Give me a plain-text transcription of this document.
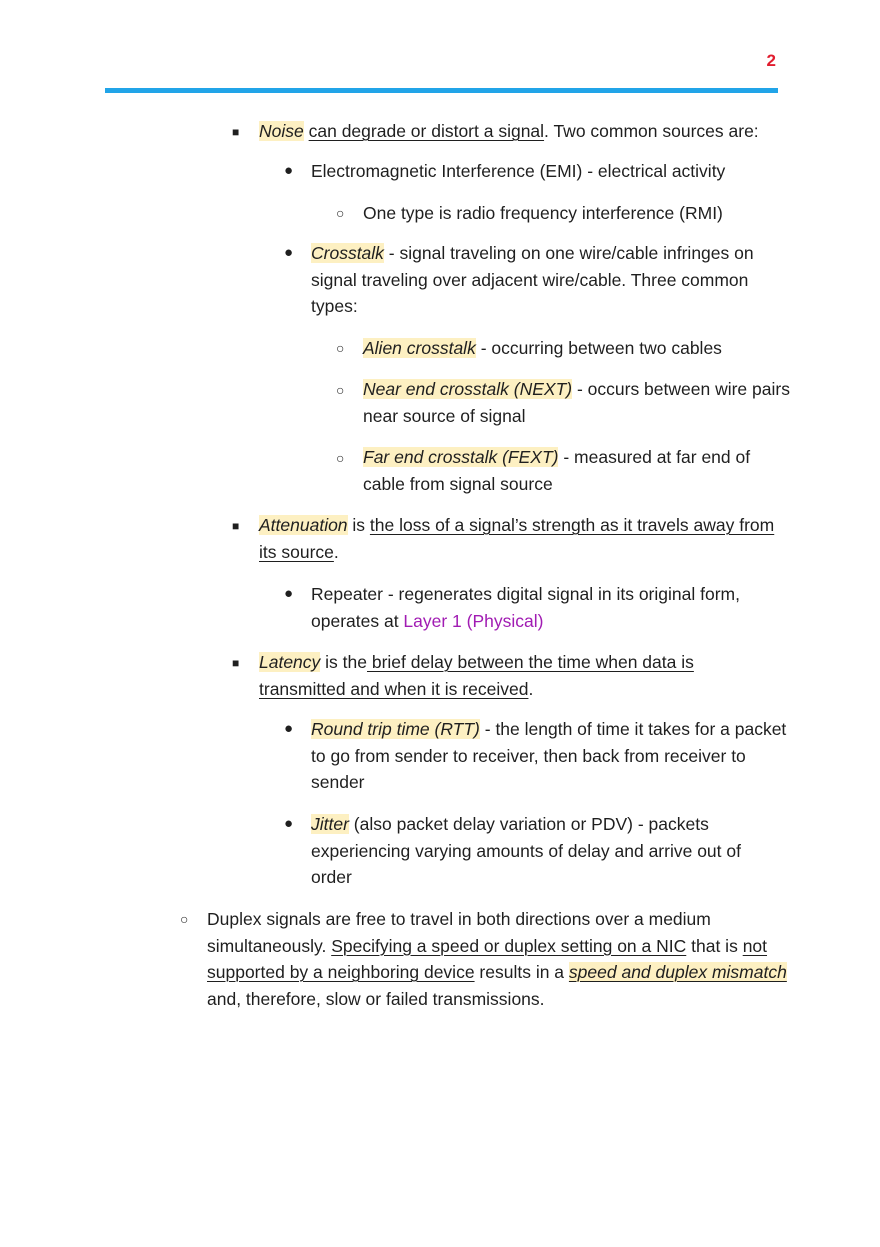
2
■ Noise can degrade or distort a signal. Two common sources are:
● Electromagnetic Interference (EMI) - electrical activity
○ One type is radio frequency interference (RMI)
● Crosstalk - signal traveling on one wire/cable infringes on
signal traveling over adjacent wire/cable. Three common
types:
○ Alien crosstalk - occurring between two cables
○ Near end crosstalk (NEXT) - occurs between wire pairs
near source of signal
○ Far end crosstalk (FEXT) - measured at far end of
cable from signal source
■ Attenuation is the loss of a signal’s strength as it travels away from
its source.
● Repeater - regenerates digital signal in its original form,
operates at Layer 1 (Physical)
■ Latency is the brief delay between the time when data is
transmitted and when it is received.
● Round trip time (RTT) - the length of time it takes for a packet
to go from sender to receiver, then back from receiver to
sender
● Jitter (also packet delay variation or PDV) - packets
experiencing varying amounts of delay and arrive out of
order
○ Duplex signals are free to travel in both directions over a medium
simultaneously. Specifying a speed or duplex setting on a NIC that is not
supported by a neighboring device results in a speed and duplex mismatch
and, therefore, slow or failed transmissions.
